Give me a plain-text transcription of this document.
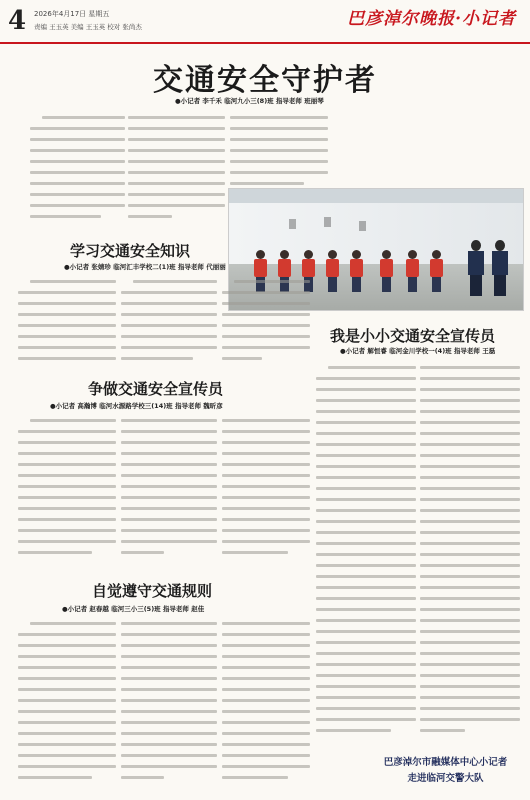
4 2026年4月17日 星期五
责编 王玉英 美编 王玉英 校对 张尚杰	巴彦淖尔晚报·小记者
交通安全守护者
●小记者 李千禾 临河九小三(8)班 指导老师 班丽琴
学习交通安全知识
●小记者 张婧珍 临河汇丰学校二(1)班 指导老师 代丽丽
我是小小交通安全宣传员
●小记者 解恒睿 临河金川学校一(4)班 指导老师 王磊
争做交通安全宣传员
●小记者 高瀚博 临河水源路学校三(14)班 指导老师 魏昕彦
自觉遵守交通规则
●小记者 赵春越 临河三小三(5)班 指导老师 赵佳
巴彦淖尔市融媒体中心小记者
走进临河交警大队
